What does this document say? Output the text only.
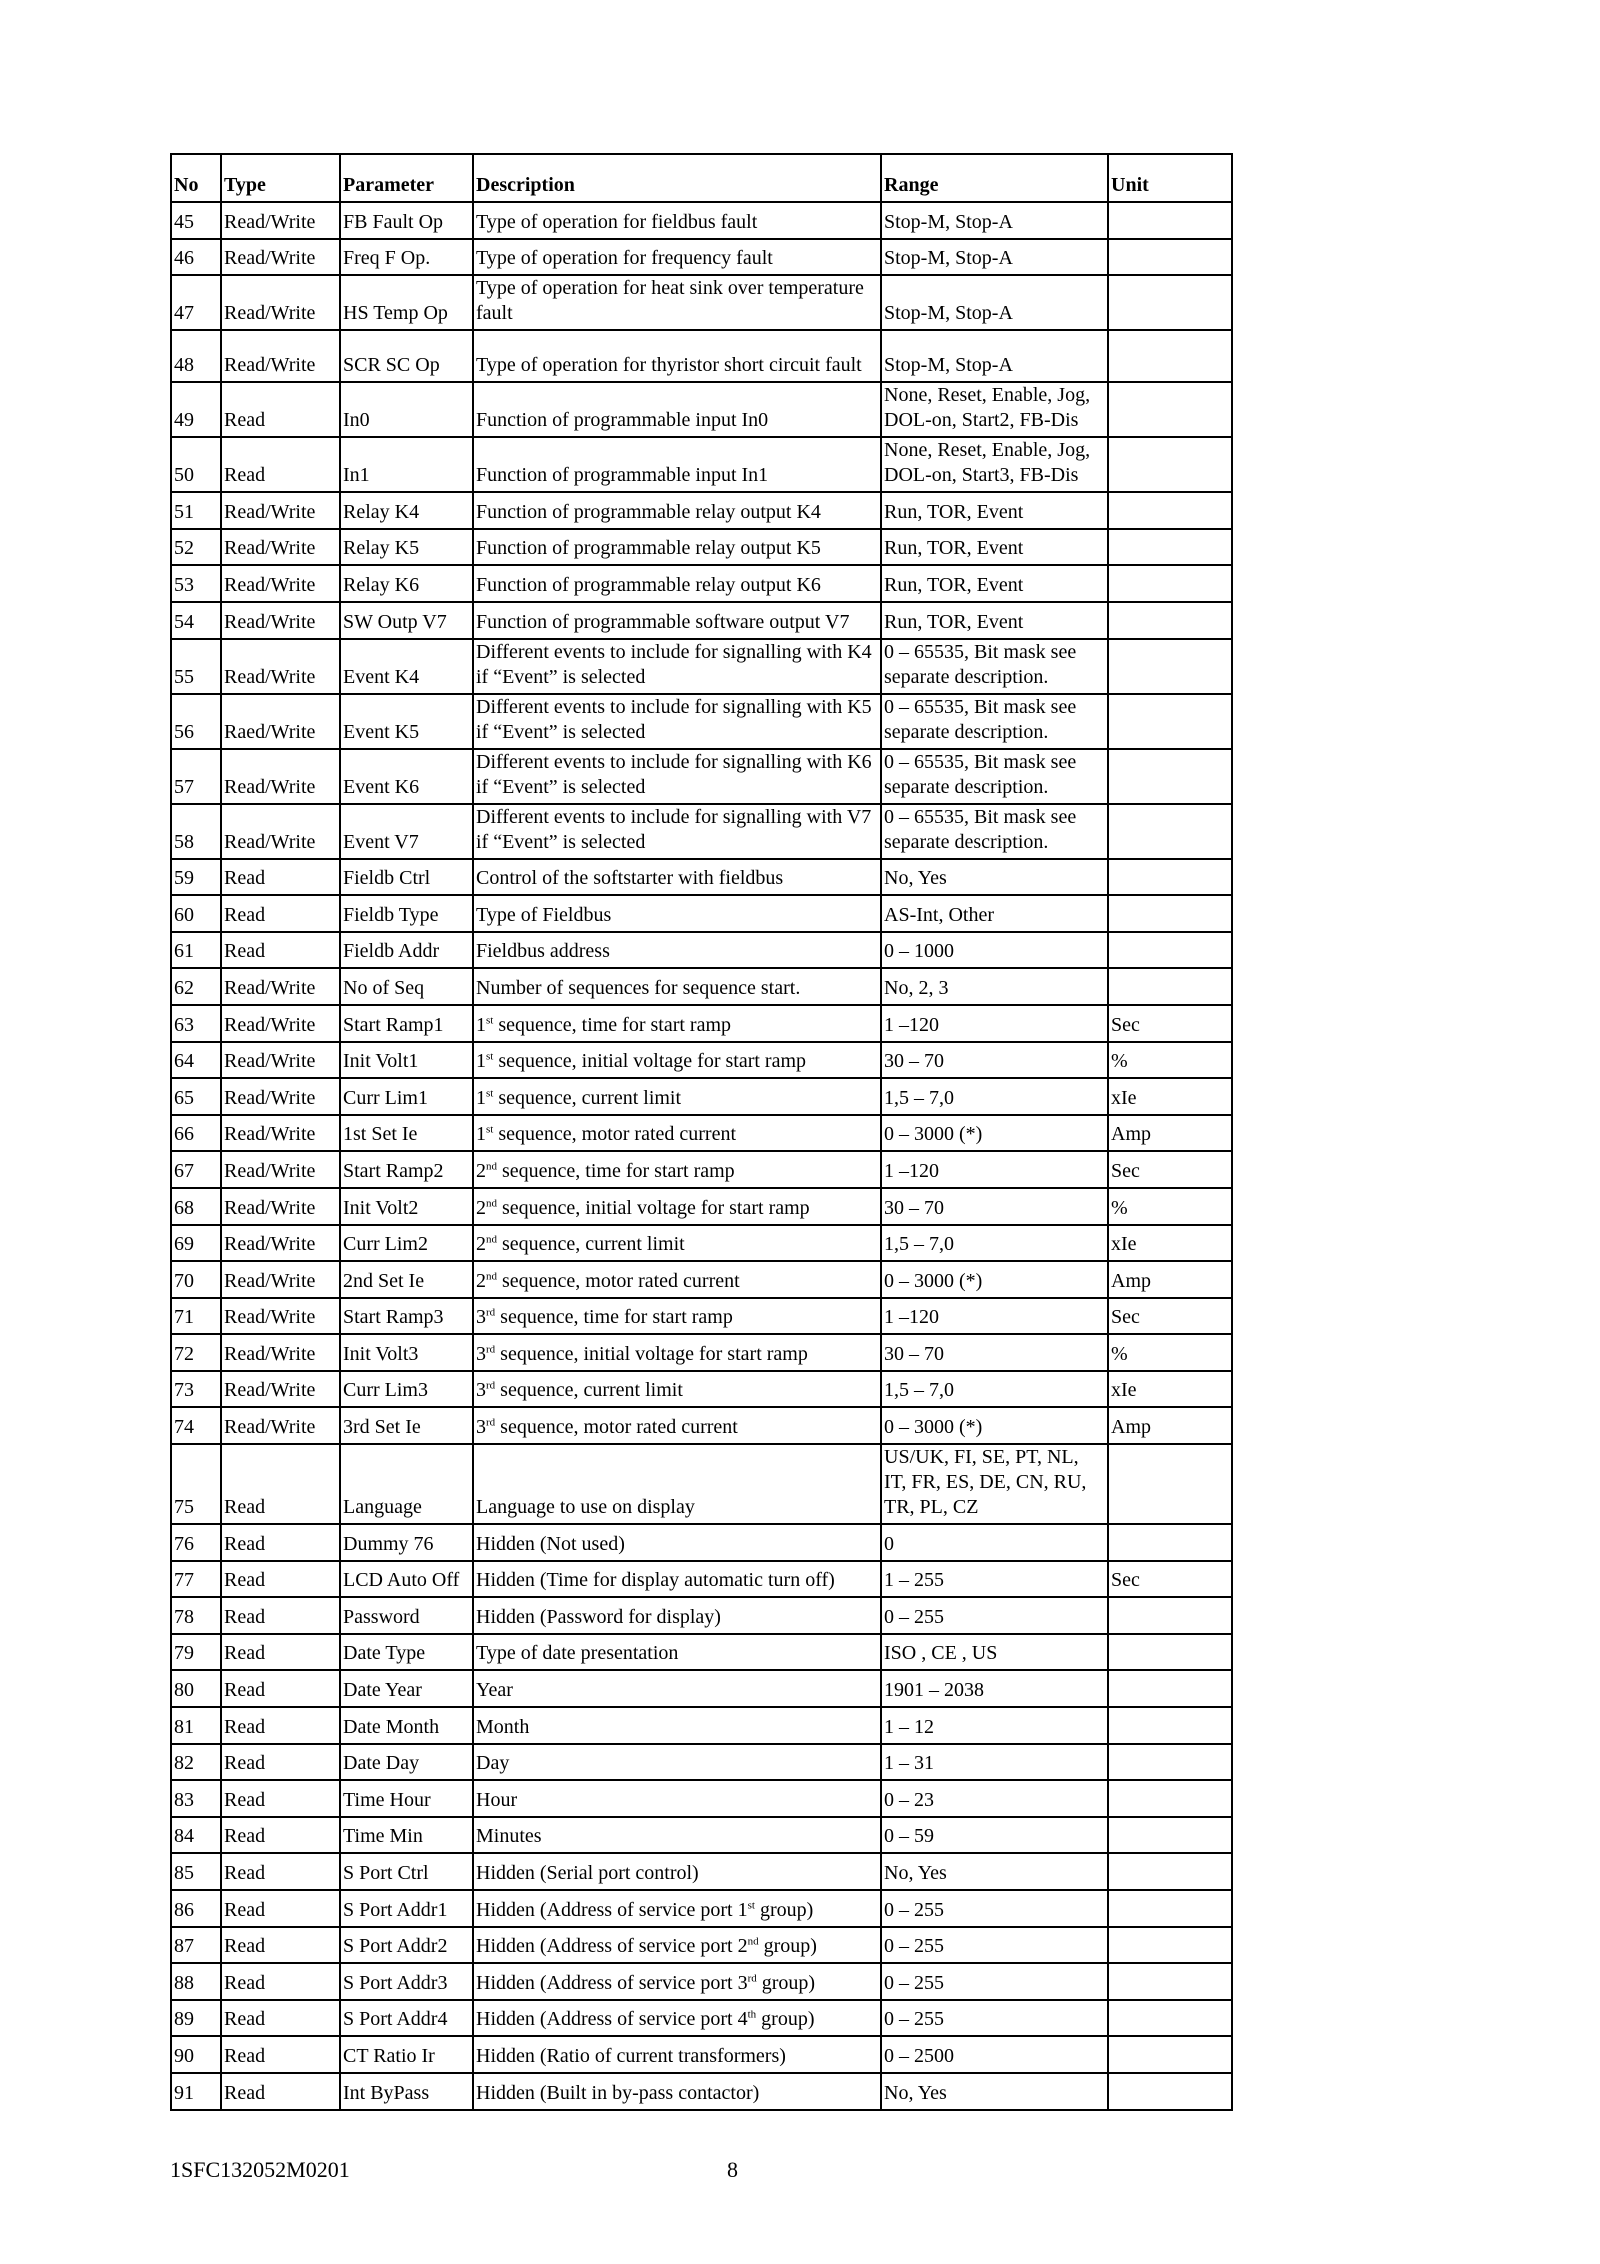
No	Type	Parameter	Description	Range	Unit
45	Read/Write	FB Fault Op	Type of operation for fieldbus fault	Stop-M, Stop-A	
46	Read/Write	Freq F Op.	Type of operation for frequency fault	Stop-M, Stop-A	
47	Read/Write	HS Temp Op	Type of operation for heat sink over temperature fault	Stop-M, Stop-A	
48	Read/Write	SCR SC Op	Type of operation for thyristor short circuit fault	Stop-M, Stop-A	
49	Read	In0	Function of programmable input In0	None, Reset, Enable, Jog, DOL-on, Start2, FB-Dis	
50	Read	In1	Function of programmable input In1	None, Reset, Enable, Jog, DOL-on, Start3, FB-Dis	
51	Read/Write	Relay K4	Function of programmable relay output K4	Run, TOR, Event	
52	Read/Write	Relay K5	Function of programmable relay output K5	Run, TOR, Event	
53	Read/Write	Relay K6	Function of programmable relay output K6	Run, TOR, Event	
54	Read/Write	SW Outp V7	Function of programmable software output V7	Run, TOR, Event	
55	Read/Write	Event K4	Different events to include for signalling with K4 if “Event” is selected	0 – 65535, Bit mask see separate description.	
56	Raed/Write	Event K5	Different events to include for signalling with K5 if “Event” is selected	0 – 65535, Bit mask see separate description.	
57	Read/Write	Event K6	Different events to include for signalling with K6 if “Event” is selected	0 – 65535, Bit mask see separate description.	
58	Read/Write	Event V7	Different events to include for signalling with V7 if “Event” is selected	0 – 65535, Bit mask see separate description.	
59	Read	Fieldb Ctrl	Control of the softstarter with fieldbus	No, Yes	
60	Read	Fieldb Type	Type of Fieldbus	AS-Int, Other	
61	Read	Fieldb Addr	Fieldbus address	0 – 1000	
62	Read/Write	No of Seq	Number of sequences for sequence start.	No, 2, 3	
63	Read/Write	Start Ramp1	1st sequence, time for start ramp	1 –120	Sec
64	Read/Write	Init Volt1	1st sequence, initial voltage for start ramp	30 – 70	%
65	Read/Write	Curr Lim1	1st sequence, current limit	1,5 – 7,0	xIe
66	Read/Write	1st Set Ie	1st sequence, motor rated current	0 – 3000 (*)	Amp
67	Read/Write	Start Ramp2	2nd sequence, time for start ramp	1 –120	Sec
68	Read/Write	Init Volt2	2nd sequence, initial voltage for start ramp	30 – 70	%
69	Read/Write	Curr Lim2	2nd sequence, current limit	1,5 – 7,0	xIe
70	Read/Write	2nd Set Ie	2nd sequence, motor rated current	0 – 3000 (*)	Amp
71	Read/Write	Start Ramp3	3rd sequence, time for start ramp	1 –120	Sec
72	Read/Write	Init Volt3	3rd sequence, initial voltage for start ramp	30 – 70	%
73	Read/Write	Curr Lim3	3rd sequence, current limit	1,5 – 7,0	xIe
74	Read/Write	3rd Set Ie	3rd sequence, motor rated current	0 – 3000 (*)	Amp
75	Read	Language	Language to use on display	US/UK, FI, SE, PT, NL, IT, FR, ES, DE, CN, RU, TR, PL, CZ	
76	Read	Dummy 76	Hidden (Not used)	0	
77	Read	LCD Auto Off	Hidden (Time for display automatic turn off)	1 – 255	Sec
78	Read	Password	Hidden (Password for display)	0 – 255	
79	Read	Date Type	Type of date presentation	ISO , CE , US	
80	Read	Date Year	Year	1901 – 2038	
81	Read	Date Month	Month	1 – 12	
82	Read	Date Day	Day	1 – 31	
83	Read	Time Hour	Hour	0 – 23	
84	Read	Time Min	Minutes	0 – 59	
85	Read	S Port Ctrl	Hidden (Serial port control)	No, Yes	
86	Read	S Port Addr1	Hidden (Address of service port 1st group)	0 – 255	
87	Read	S Port Addr2	Hidden (Address of service port 2nd group)	0 – 255	
88	Read	S Port Addr3	Hidden (Address of service port 3rd group)	0 – 255	
89	Read	S Port Addr4	Hidden (Address of service port 4th group)	0 – 255	
90	Read	CT Ratio Ir	Hidden (Ratio of current transformers)	0 – 2500	
91	Read	Int ByPass	Hidden (Built in by-pass contactor)	No, Yes	
1SFC132052M0201	8
